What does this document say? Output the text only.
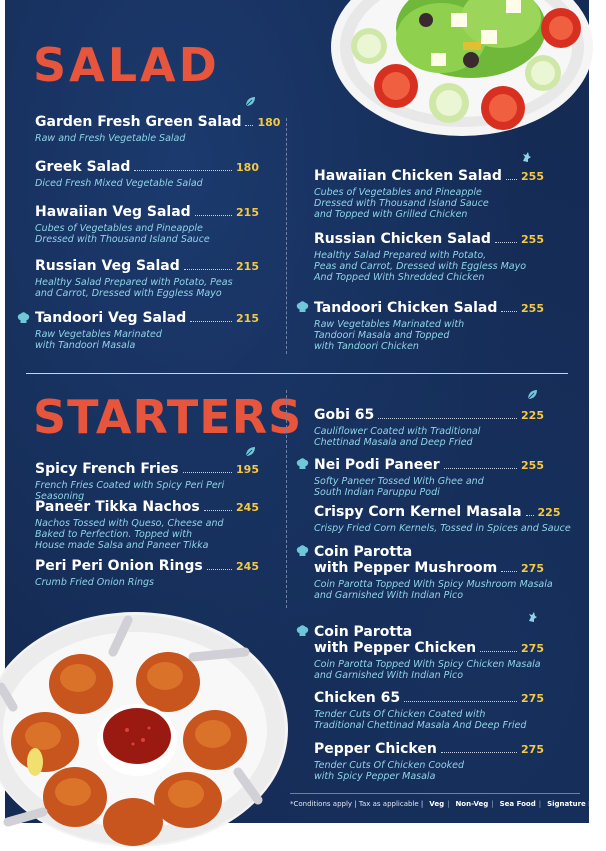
SALAD
Garden Fresh Green Salad 180
Raw and Fresh Vegetable Salad
Greek Salad	180
Diced Fresh Mixed Vegetable Salad
Hawaiian Veg Salad	215
Cubes of Vegetables and Pineapple
Dressed with Thousand Island Sauce
Russian Veg Salad	215
Healthy Salad Prepared with Potato, Peas
and Carrot, Dressed with Eggless Mayo
Tandoori Veg Salad	215
Raw Vegetables Marinated
with Tandoori Masala
Hawaiian Chicken Salad 255
Cubes of Vegetables and Pineapple
Dressed with Thousand Island Sauce
and Topped with Grilled Chicken
Russian Chicken Salad	255
Healthy Salad Prepared with Potato,
Peas and Carrot, Dressed with Eggless Mayo
And Topped With Shredded Chicken
Tandoori Chicken Salad 255
Raw Vegetables Marinated with
Tandoori Masala and Topped
with Tandoori Chicken
STARTERS
Spicy French Fries	195
French Fries Coated with Spicy Peri Peri Seasoning
Paneer Tikka Nachos	245
Nachos Tossed with Queso, Cheese and
Baked to Perfection. Topped with
House made Salsa and Paneer Tikka
Peri Peri Onion Rings	245
Crumb Fried Onion Rings
Gobi 65	225
Cauliflower Coated with Traditional
Chettinad Masala and Deep Fried
Nei Podi Paneer	255
Softy Paneer Tossed With Ghee and
South Indian Paruppu Podi
Crispy Corn Kernel Masala 225
Crispy Fried Corn Kernels, Tossed in Spices and Sauce
Coin Parotta
with Pepper Mushroom 275
Coin Parotta Topped With Spicy Mushroom Masala
and Garnished With Indian Pico
Coin Parotta
with Pepper Chicken	275
Coin Parotta Topped With Spicy Chicken Masala
and Garnished With Indian Pico
Chicken 65	275
Tender Cuts Of Chicken Coated with
Traditional Chettinad Masala And Deep Fried
Pepper Chicken	275
Tender Cuts Of Chicken Cooked
with Spicy Pepper Masala
*Conditions apply | Tax as applicable | Veg | Non-Veg | Sea Food | Signature Dish
